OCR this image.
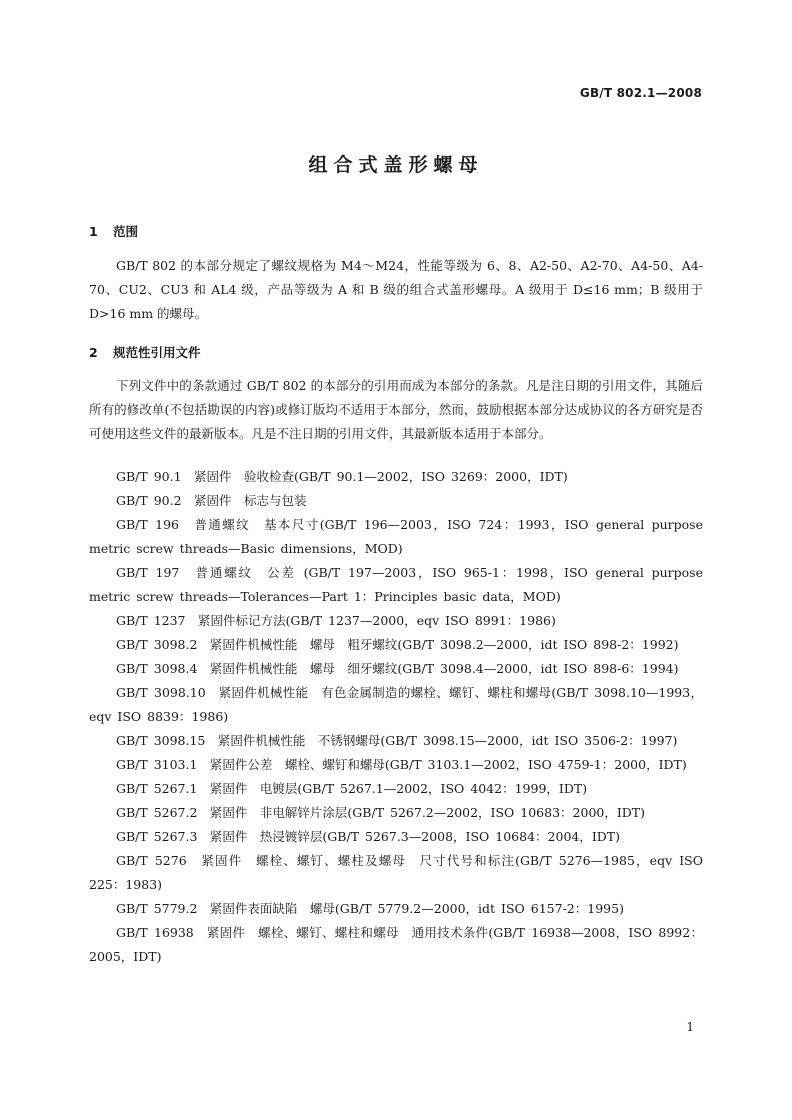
GB/T 802.1—2008
组合式盖形螺母
1 范围
GB/T 802 的本部分规定了螺纹规格为 M4～M24，性能等级为 6、8、A2-50、A2-70、A4-50、A4-70、CU2、CU3 和 AL4 级，产品等级为 A 和 B 级的组合式盖形螺母。A 级用于 D≤16 mm；B 级用于 D>16 mm 的螺母。
2 规范性引用文件
下列文件中的条款通过 GB/T 802 的本部分的引用而成为本部分的条款。凡是注日期的引用文件，其随后所有的修改单(不包括勘误的内容)或修订版均不适用于本部分，然而，鼓励根据本部分达成协议的各方研究是否可使用这些文件的最新版本。凡是不注日期的引用文件，其最新版本适用于本部分。
GB/T 90.1　紧固件　验收检查(GB/T 90.1—2002，ISO 3269：2000，IDT)
GB/T 90.2　紧固件　标志与包装
GB/T 196　普通螺纹　基本尺寸(GB/T 196—2003，ISO 724：1993，ISO general purpose metric screw threads—Basic dimensions，MOD)
GB/T 197　普通螺纹　公差 (GB/T 197—2003，ISO 965-1：1998，ISO general purpose metric screw threads—Tolerances—Part 1：Principles basic data，MOD)
GB/T 1237　紧固件标记方法(GB/T 1237—2000，eqv ISO 8991：1986)
GB/T 3098.2　紧固件机械性能　螺母　粗牙螺纹(GB/T 3098.2—2000，idt ISO 898-2：1992)
GB/T 3098.4　紧固件机械性能　螺母　细牙螺纹(GB/T 3098.4—2000，idt ISO 898-6：1994)
GB/T 3098.10　紧固件机械性能　有色金属制造的螺栓、螺钉、螺柱和螺母(GB/T 3098.10—1993，eqv ISO 8839：1986)
GB/T 3098.15　紧固件机械性能　不锈钢螺母(GB/T 3098.15—2000，idt ISO 3506-2：1997)
GB/T 3103.1　紧固件公差　螺栓、螺钉和螺母(GB/T 3103.1—2002，ISO 4759-1：2000，IDT)
GB/T 5267.1　紧固件　电镀层(GB/T 5267.1—2002，ISO 4042：1999，IDT)
GB/T 5267.2　紧固件　非电解锌片涂层(GB/T 5267.2—2002，ISO 10683：2000，IDT)
GB/T 5267.3　紧固件　热浸镀锌层(GB/T 5267.3—2008，ISO 10684：2004，IDT)
GB/T 5276　紧固件　螺栓、螺钉、螺柱及螺母　尺寸代号和标注(GB/T 5276—1985，eqv ISO 225：1983)
GB/T 5779.2　紧固件表面缺陷　螺母(GB/T 5779.2—2000，idt ISO 6157-2：1995)
GB/T 16938　紧固件　螺栓、螺钉、螺柱和螺母　通用技术条件(GB/T 16938—2008，ISO 8992：2005，IDT)
1
